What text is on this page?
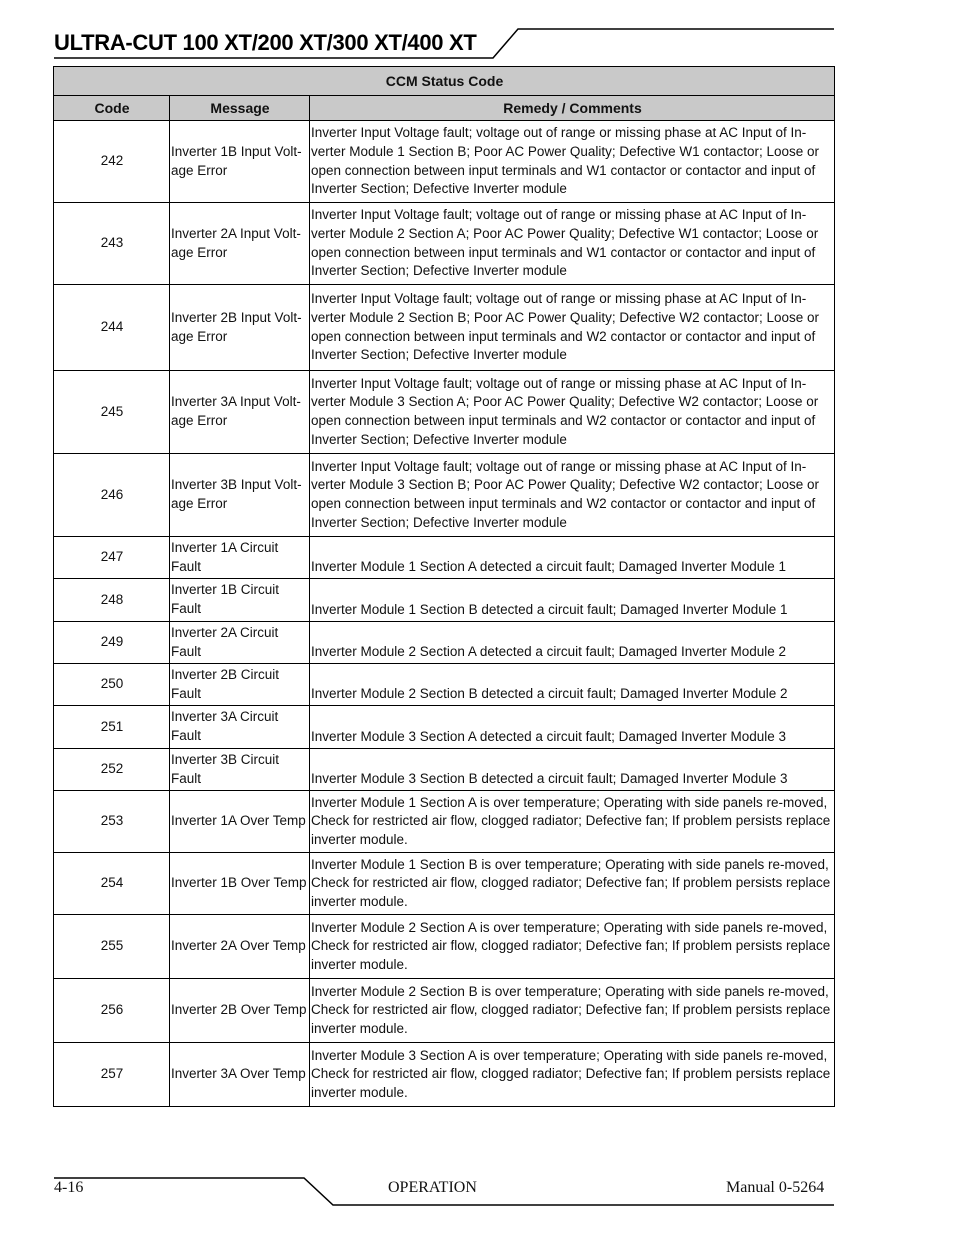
ULTRA-CUT 100 XT/200 XT/300 XT/400 XT
CCM Status Code		
Code	Message	Remedy / Comments
242	Inverter 1B Input Volt-age Error	Inverter Input Voltage fault; voltage out of range or missing phase at AC Input of In-verter Module 1 Section B; Poor AC Power Quality; Defective W1 contactor; Loose or open connection between input terminals and W1 contactor or contactor and input of Inverter Section; Defective Inverter module
243	Inverter 2A Input Volt-age Error	Inverter Input Voltage fault; voltage out of range or missing phase at AC Input of In-verter Module 2 Section A; Poor AC Power Quality; Defective W1 contactor; Loose or open connection between input terminals and W1 contactor or contactor and input of Inverter Section; Defective Inverter module
244	Inverter 2B Input Volt-age Error	Inverter Input Voltage fault; voltage out of range or missing phase at AC Input of In-verter Module 2 Section B; Poor AC Power Quality; Defective W2 contactor; Loose or open connection between input terminals and W2 contactor or contactor and input of Inverter Section; Defective Inverter module
245	Inverter 3A Input Volt-age Error	Inverter Input Voltage fault; voltage out of range or missing phase at AC Input of In-verter Module 3 Section A; Poor AC Power Quality; Defective W2 contactor; Loose or open connection between input terminals and W2 contactor or contactor and input of Inverter Section; Defective Inverter module
246	Inverter 3B Input Volt-age Error	Inverter Input Voltage fault; voltage out of range or missing phase at AC Input of In-verter Module 3 Section B; Poor AC Power Quality; Defective W2 contactor; Loose or open connection between input terminals and W2 contactor or contactor and input of Inverter Section; Defective Inverter module
247	Inverter 1A Circuit Fault	Inverter Module 1 Section A detected a circuit fault; Damaged Inverter Module 1
248	Inverter 1B Circuit Fault	Inverter Module 1 Section B detected a circuit fault; Damaged Inverter Module 1
249	Inverter 2A Circuit Fault	Inverter Module 2 Section A detected a circuit fault; Damaged Inverter Module 2
250	Inverter 2B Circuit Fault	Inverter Module 2 Section B detected a circuit fault; Damaged Inverter Module 2
251	Inverter 3A Circuit Fault	Inverter Module 3 Section A detected a circuit fault; Damaged Inverter Module 3
252	Inverter 3B Circuit Fault	Inverter Module 3 Section B detected a circuit fault; Damaged Inverter Module 3
253	Inverter 1A Over Temp	Inverter Module 1 Section A is over temperature; Operating with side panels re-moved, Check for restricted air flow, clogged radiator; Defective fan; If problem persists replace inverter module.
254	Inverter 1B Over Temp	Inverter Module 1 Section B is over temperature; Operating with side panels re-moved, Check for restricted air flow, clogged radiator; Defective fan; If problem persists replace inverter module.
255	Inverter 2A Over Temp	Inverter Module 2 Section A is over temperature; Operating with side panels re-moved, Check for restricted air flow, clogged radiator; Defective fan; If problem persists replace inverter module.
256	Inverter 2B Over Temp	Inverter Module 2 Section B is over temperature; Operating with side panels re-moved, Check for restricted air flow, clogged radiator; Defective fan; If problem persists replace inverter module.
257	Inverter 3A Over Temp	Inverter Module 3 Section A is over temperature; Operating with side panels re-moved, Check for restricted air flow, clogged radiator; Defective fan; If problem persists replace inverter module.
4-16	OPERATION	Manual 0-5264
